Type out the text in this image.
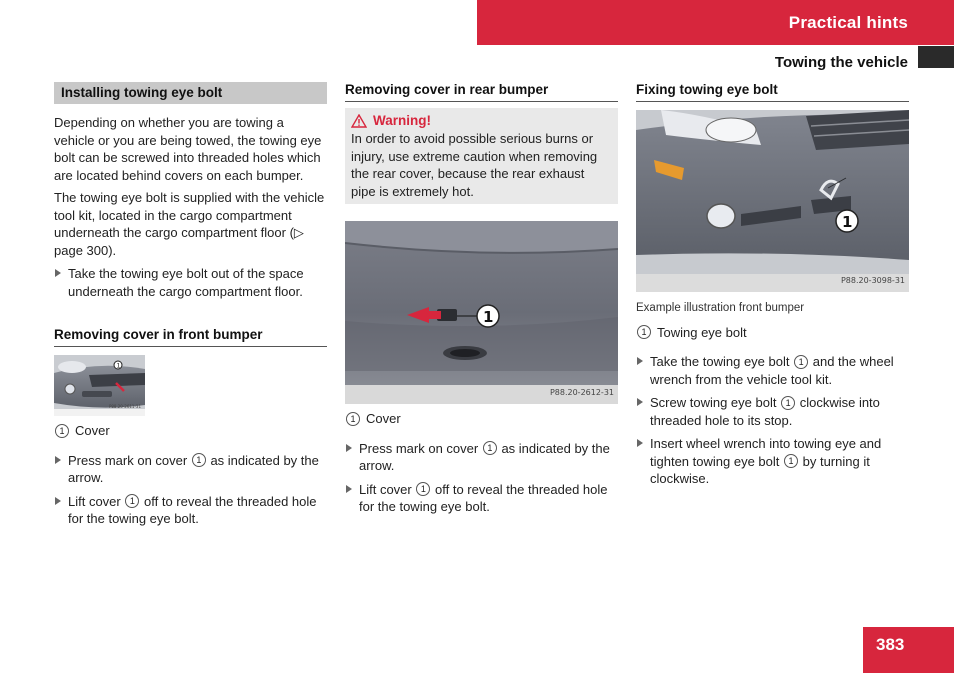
Practical hints
Towing the vehicle
Installing towing eye bolt

Depending on whether you are towing a vehicle or you are being towed, the towing eye bolt can be screwed into threaded holes which are located behind covers on each bumper.

The towing eye bolt is supplied with the vehicle tool kit, located in the cargo compartment underneath the cargo compartment floor (▷ page 300).

Take the towing eye bolt out of the space underneath the cargo compartment floor.
Removing cover in front bumper
1
P88.20-2611-31
1 Cover
Press mark on cover 1 as indicated by the arrow.
Lift cover 1 off to reveal the threaded hole for the towing eye bolt.
Removing cover in rear bumper
Warning!

In order to avoid possible serious burns or injury, use extreme caution when removing the rear cover, because the rear exhaust pipe is extremely hot.

1
P88.20-2612-31
1 Cover
Press mark on cover 1 as indicated by the arrow.
Lift cover 1 off to reveal the threaded hole for the towing eye bolt.
Fixing towing eye bolt
1
P88.20-3098-31
Example illustration front bumper
1 Towing eye bolt
Take the towing eye bolt 1 and the wheel wrench from the vehicle tool kit.
Screw towing eye bolt 1 clockwise into threaded hole to its stop.
Insert wheel wrench into towing eye and tighten towing eye bolt 1 by turning it clockwise.
383
